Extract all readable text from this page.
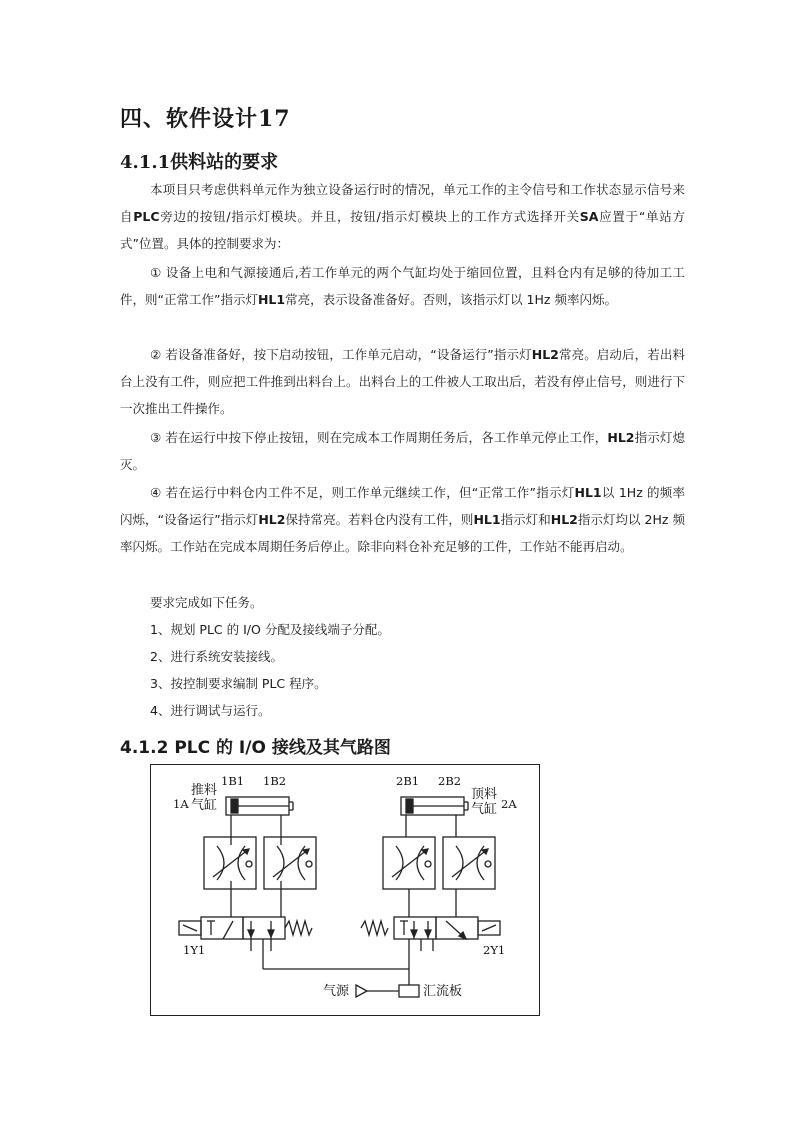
四、软件设计17
4.1.1供料站的要求

本项目只考虑供料单元作为独立设备运行时的情况，单元工作的主令信号和工作状态显示信号来自PLC旁边的按钮/指示灯模块。并且，按钮/指示灯模块上的工作方式选择开关SA应置于“单站方式”位置。具体的控制要求为：

① 设备上电和气源接通后,若工作单元的两个气缸均处于缩回位置，且料仓内有足够的待加工工件，则“正常工作”指示灯HL1常亮，表示设备准备好。否则，该指示灯以 1Hz 频率闪烁。

② 若设备准备好，按下启动按钮，工作单元启动，“设备运行”指示灯HL2常亮。启动后，若出料台上没有工件，则应把工件推到出料台上。出料台上的工件被人工取出后，若没有停止信号，则进行下一次推出工件操作。

③ 若在运行中按下停止按钮，则在完成本工作周期任务后，各工作单元停止工作，HL2指示灯熄灭。

④ 若在运行中料仓内工件不足，则工作单元继续工作，但“正常工作”指示灯HL1以 1Hz 的频率闪烁，“设备运行”指示灯HL2保持常亮。若料仓内没有工件，则HL1指示灯和HL2指示灯均以 2Hz 频率闪烁。工作站在完成本周期任务后停止。除非向料仓补充足够的工件，工作站不能再启动。

要求完成如下任务。

1、规划 PLC 的 I/O 分配及接线端子分配。

2、进行系统安装接线。

3、按控制要求编制 PLC 程序。

4、进行调试与运行。

4.1.2 PLC 的 I/O 接线及其气路图
1B1 1B2
1A
推料
气缸
2B1 2B2
2A
顶料
气缸
1Y1	2Y1
气源	汇流板
